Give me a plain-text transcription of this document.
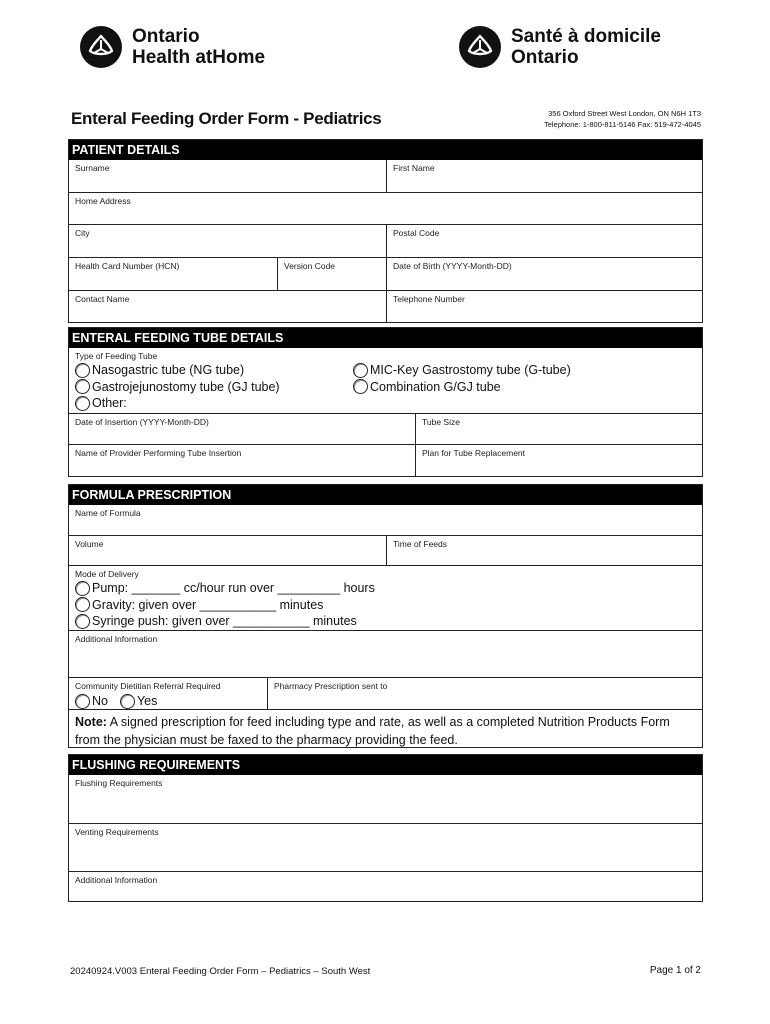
Ontario
Health atHome
Santé à domicile
Ontario
Enteral Feeding Order Form - Pediatrics	356 Oxford Street West London, ON N6H 1T3
Telephone: 1-800-811-5146 Fax: 519-472-4045
PATIENT DETAILS
Surname	First Name
Home Address
City	Postal Code
Health Card Number (HCN)	Version Code	Date of Birth (YYYY-Month-DD)
Contact Name	Telephone Number
ENTERAL FEEDING TUBE DETAILS
Type of Feeding Tube
Nasogastric tube (NG tube)
Gastrojejunostomy tube (GJ tube)
Other:
MIC-Key Gastrostomy tube (G-tube)
Combination G/GJ tube
Date of Insertion (YYYY-Month-DD)	Tube Size
Name of Provider Performing Tube Insertion	Plan for Tube Replacement
FORMULA PRESCRIPTION
Name of Formula
Volume	Time of Feeds
Mode of Delivery
Pump: _______ cc/hour run over _________ hours
Gravity: given over ___________ minutes
Syringe push: given over ___________ minutes
Additional Information
Community Dietitian Referral Required
No Yes
Pharmacy Prescription sent to
Note: A signed prescription for feed including type and rate, as well as a completed Nutrition Products Form from the physician must be faxed to the pharmacy providing the feed.
FLUSHING REQUIREMENTS
Flushing Requirements
Venting Requirements
Additional Information
20240924.V003 Enteral Feeding Order Form – Pediatrics – South West	Page 1 of 2
